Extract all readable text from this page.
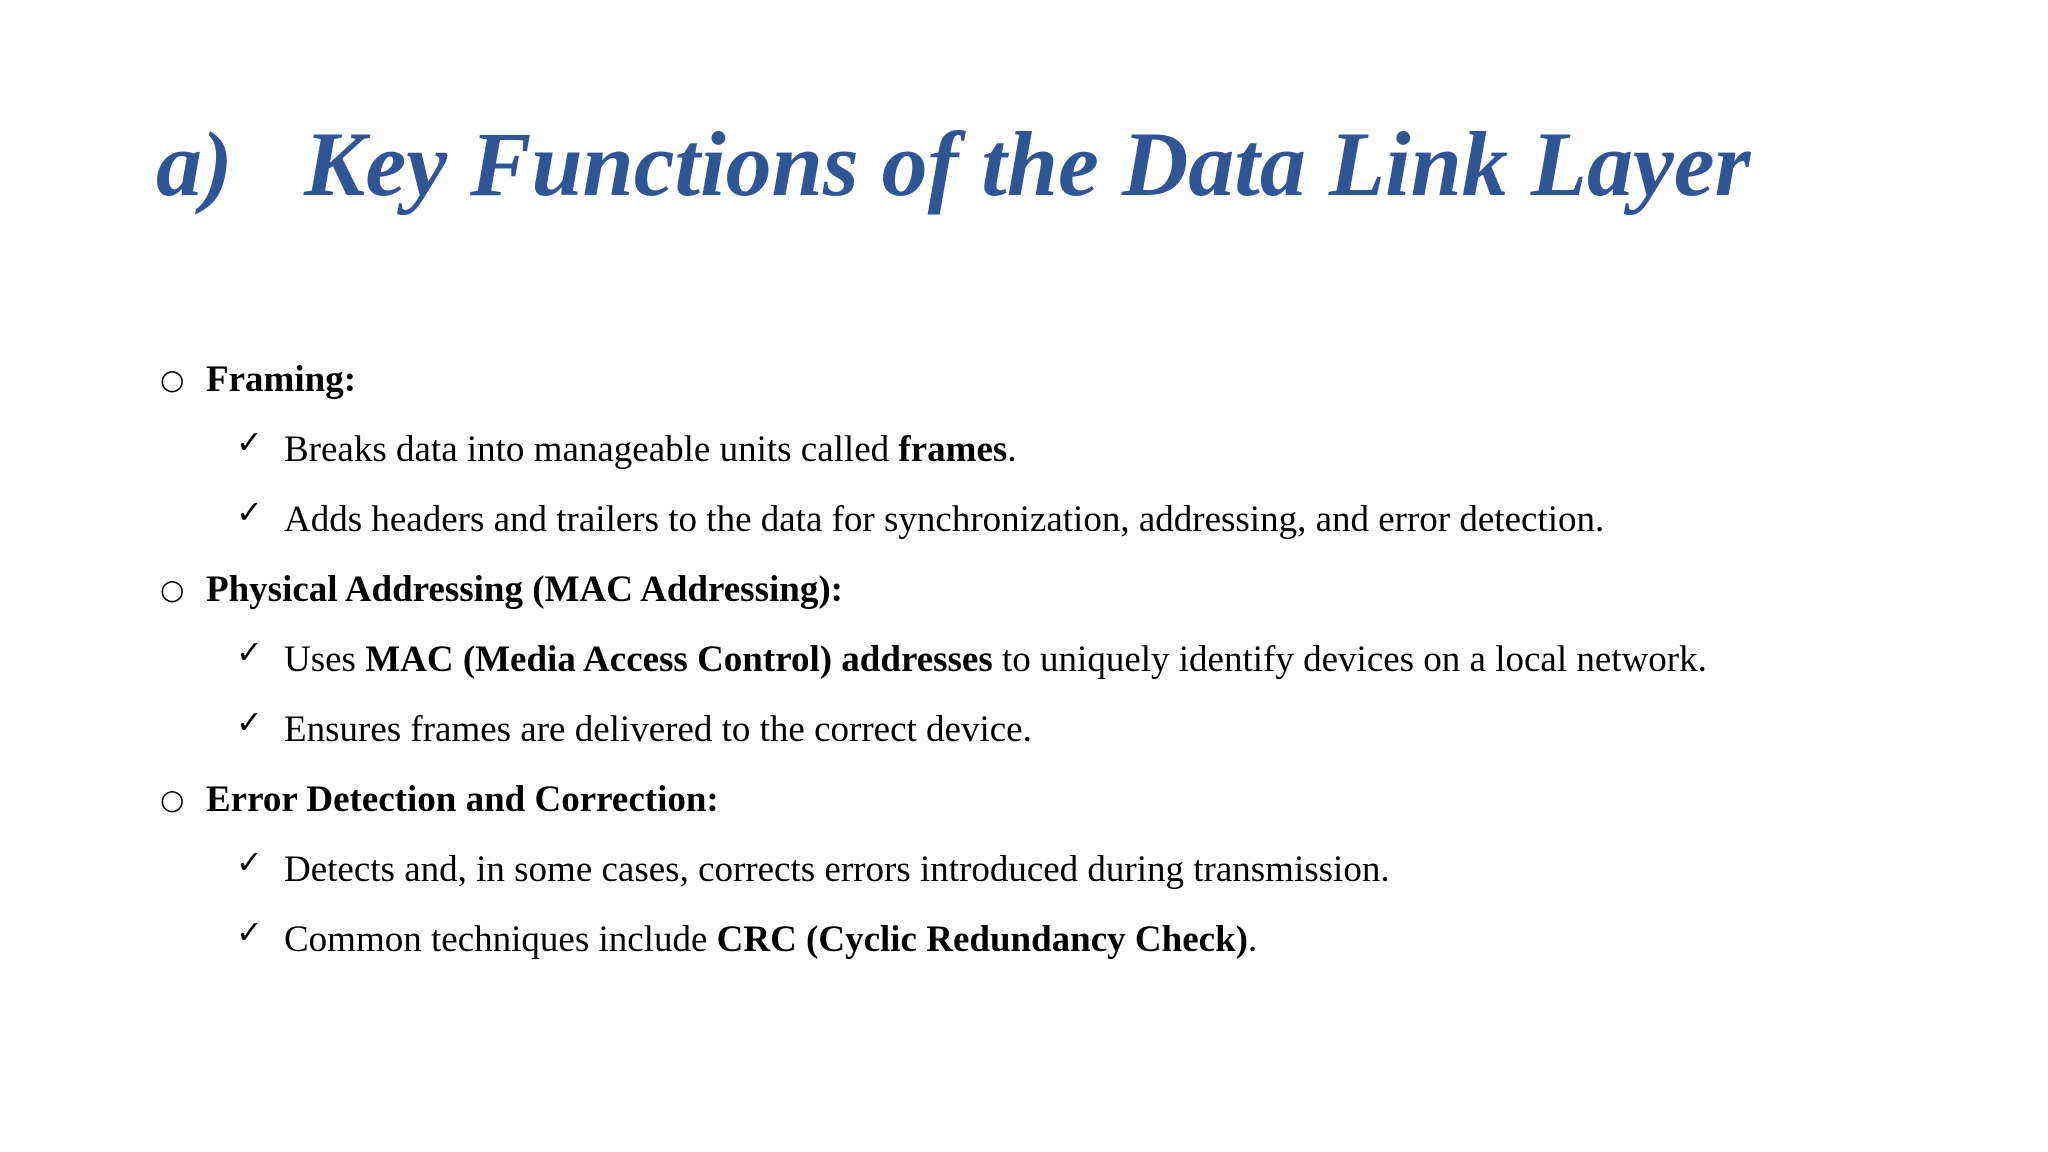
a) Key Functions of the Data Link Layer
○ Framing:
✓ Breaks data into manageable units called frames.
✓ Adds headers and trailers to the data for synchronization, addressing, and error detection.
○ Physical Addressing (MAC Addressing):
✓ Uses MAC (Media Access Control) addresses to uniquely identify devices on a local network.
✓ Ensures frames are delivered to the correct device.
○ Error Detection and Correction:
✓ Detects and, in some cases, corrects errors introduced during transmission.
✓ Common techniques include CRC (Cyclic Redundancy Check).
